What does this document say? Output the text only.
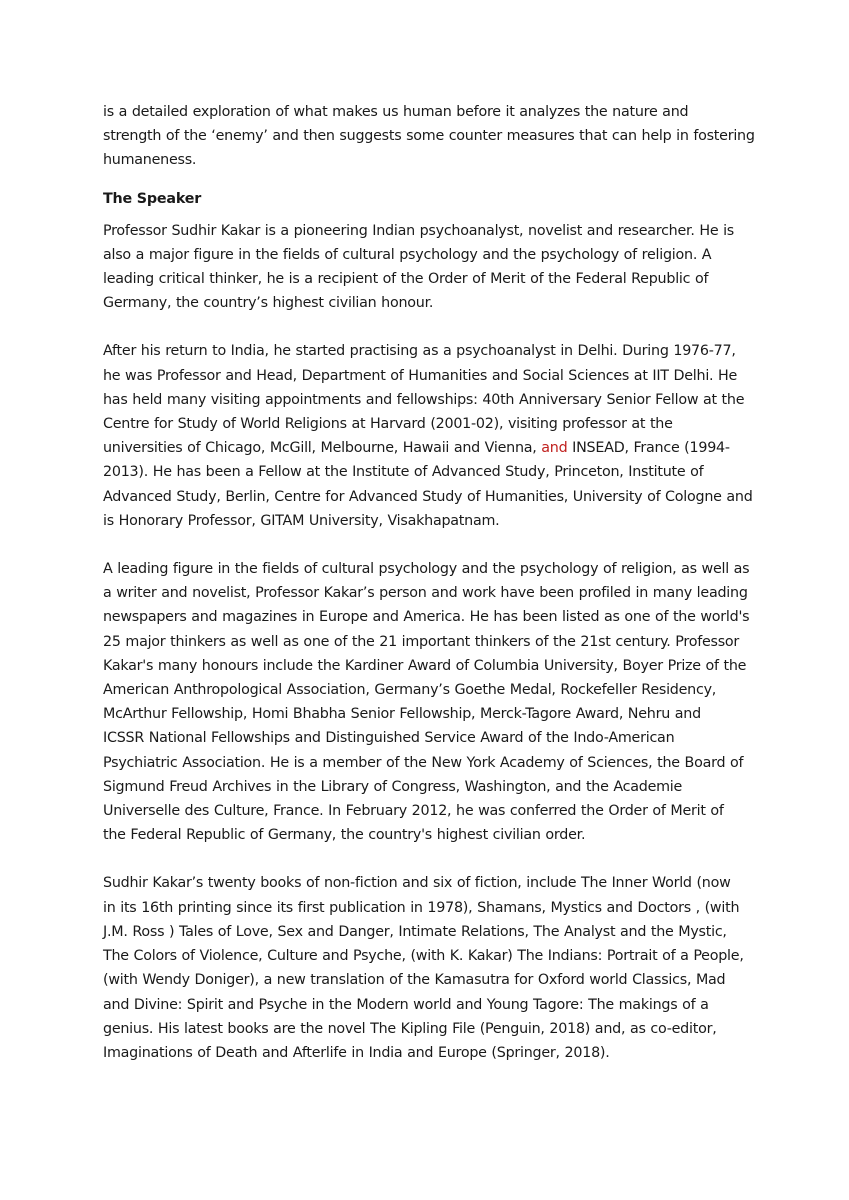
is a detailed exploration of what makes us human before it analyzes the nature and
strength of the ‘enemy’ and then suggests some counter measures that can help in fostering
humaneness.

The Speaker

Professor Sudhir Kakar is a pioneering Indian psychoanalyst, novelist and researcher. He is
also a major figure in the fields of cultural psychology and the psychology of religion. A
leading critical thinker, he is a recipient of the Order of Merit of the Federal Republic of
Germany, the country’s highest civilian honour.

After his return to India, he started practising as a psychoanalyst in Delhi. During 1976-77,
he was Professor and Head, Department of Humanities and Social Sciences at IIT Delhi. He
has held many visiting appointments and fellowships: 40th Anniversary Senior Fellow at the
Centre for Study of World Religions at Harvard (2001-02), visiting professor at the
universities of Chicago, McGill, Melbourne, Hawaii and Vienna, and INSEAD, France (1994-
2013). He has been a Fellow at the Institute of Advanced Study, Princeton, Institute of
Advanced Study, Berlin, Centre for Advanced Study of Humanities, University of Cologne and
is Honorary Professor, GITAM University, Visakhapatnam.

A leading figure in the fields of cultural psychology and the psychology of religion, as well as
a writer and novelist, Professor Kakar’s person and work have been profiled in many leading
newspapers and magazines in Europe and America. He has been listed as one of the world's
25 major thinkers as well as one of the 21 important thinkers of the 21st century. Professor
Kakar's many honours include the Kardiner Award of Columbia University, Boyer Prize of the
American Anthropological Association, Germany’s Goethe Medal, Rockefeller Residency,
McArthur Fellowship, Homi Bhabha Senior Fellowship, Merck-Tagore Award, Nehru and
ICSSR National Fellowships and Distinguished Service Award of the Indo-American
Psychiatric Association. He is a member of the New York Academy of Sciences, the Board of
Sigmund Freud Archives in the Library of Congress, Washington, and the Academie
Universelle des Culture, France. In February 2012, he was conferred the Order of Merit of
the Federal Republic of Germany, the country's highest civilian order.

Sudhir Kakar’s twenty books of non-fiction and six of fiction, include The Inner World (now
in its 16th printing since its first publication in 1978), Shamans, Mystics and Doctors , (with
J.M. Ross ) Tales of Love, Sex and Danger, Intimate Relations, The Analyst and the Mystic,
The Colors of Violence, Culture and Psyche, (with K. Kakar) The Indians: Portrait of a People,
(with Wendy Doniger), a new translation of the Kamasutra for Oxford world Classics, Mad
and Divine: Spirit and Psyche in the Modern world and Young Tagore: The makings of a
genius. His latest books are the novel The Kipling File (Penguin, 2018) and, as co-editor,
Imaginations of Death and Afterlife in India and Europe (Springer, 2018).
